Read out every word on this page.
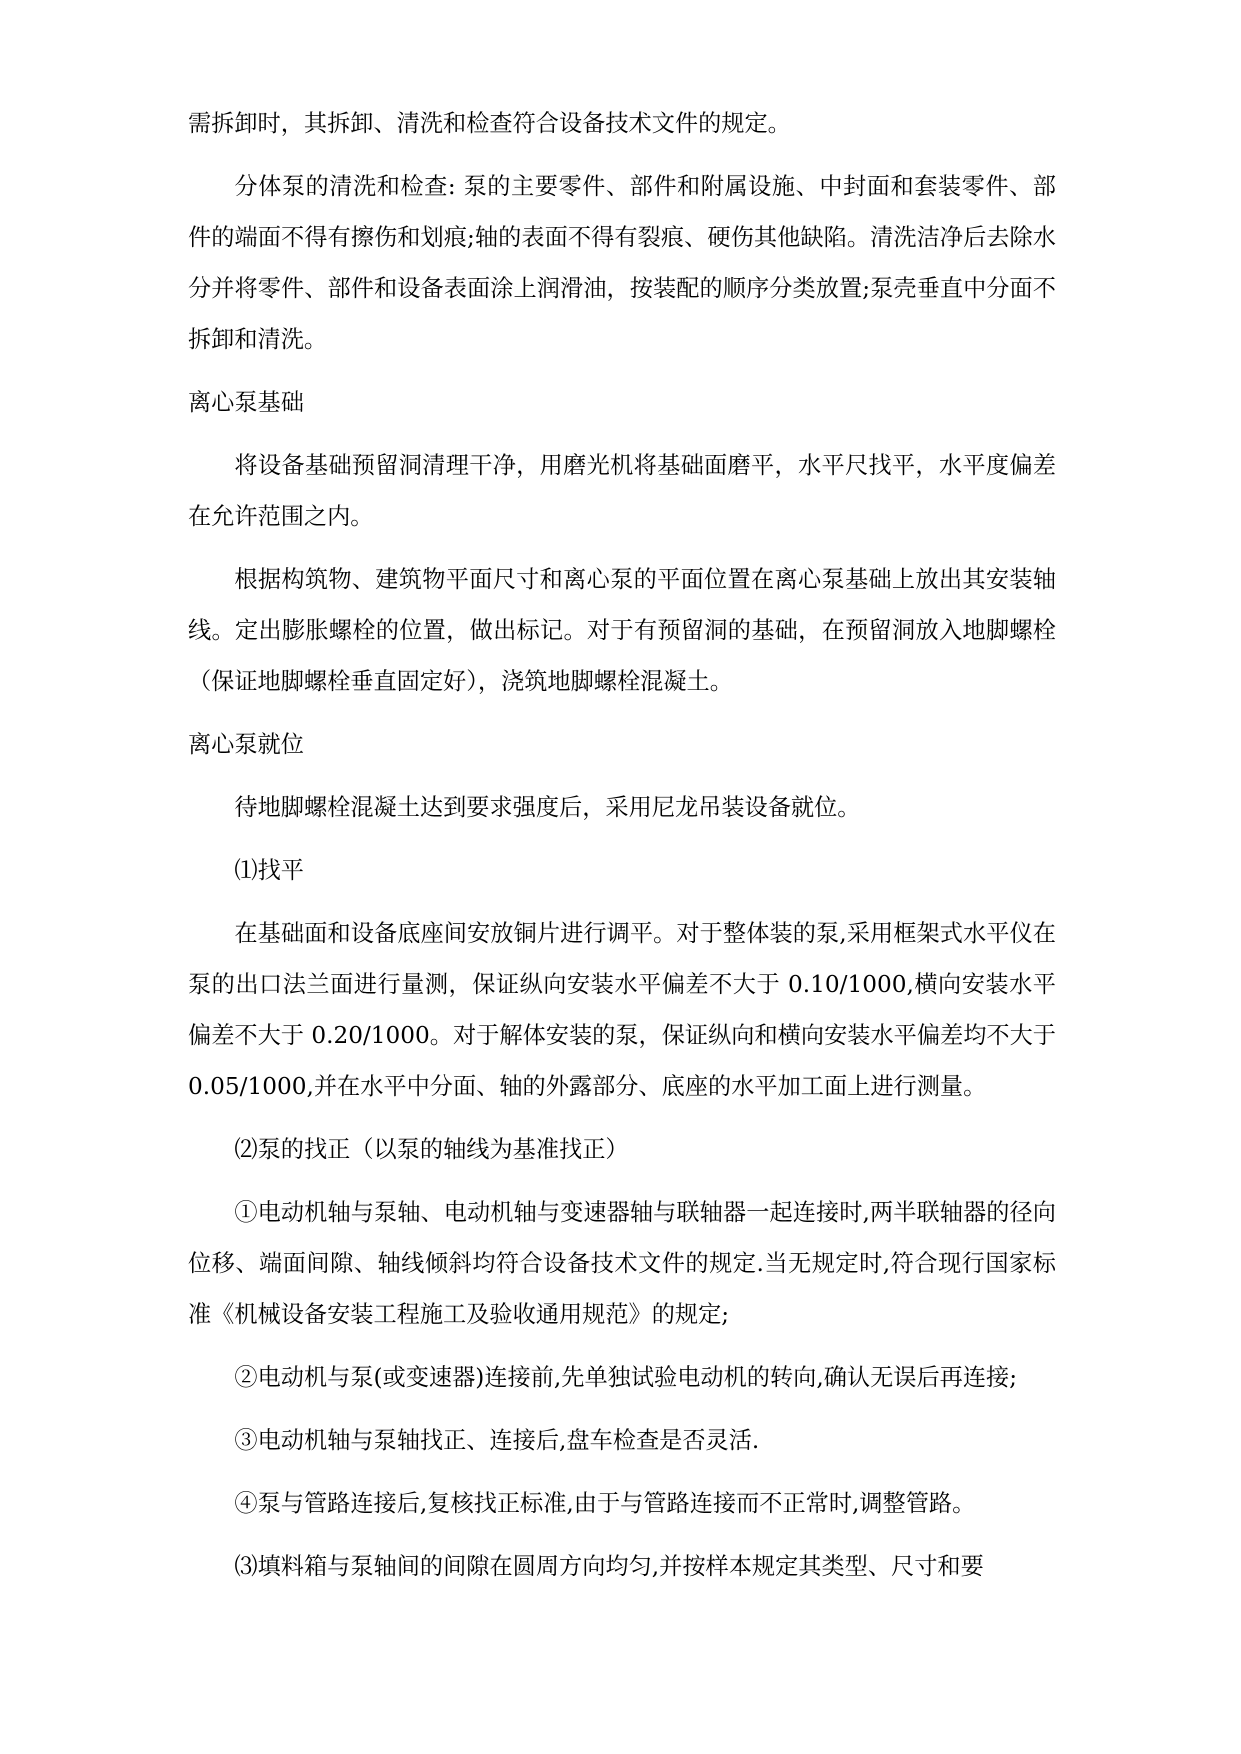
需拆卸时，其拆卸、清洗和检查符合设备技术文件的规定。

分体泵的清洗和检查: 泵的主要零件、部件和附属设施、中封面和套装零件、部件的端面不得有擦伤和划痕;轴的表面不得有裂痕、硬伤其他缺陷。清洗洁净后去除水分并将零件、部件和设备表面涂上润滑油，按装配的顺序分类放置;泵壳垂直中分面不拆卸和清洗。

离心泵基础

将设备基础预留洞清理干净，用磨光机将基础面磨平，水平尺找平，水平度偏差在允许范围之内。

根据构筑物、建筑物平面尺寸和离心泵的平面位置在离心泵基础上放出其安装轴线。定出膨胀螺栓的位置，做出标记。对于有预留洞的基础，在预留洞放入地脚螺栓（保证地脚螺栓垂直固定好），浇筑地脚螺栓混凝土。

离心泵就位

待地脚螺栓混凝土达到要求强度后，采用尼龙吊装设备就位。

⑴找平

在基础面和设备底座间安放铜片进行调平。对于整体装的泵,采用框架式水平仪在泵的出口法兰面进行量测，保证纵向安装水平偏差不大于 0.10/1000,横向安装水平偏差不大于 0.20/1000。对于解体安装的泵，保证纵向和横向安装水平偏差均不大于 0.05/1000,并在水平中分面、轴的外露部分、底座的水平加工面上进行测量。

⑵泵的找正（以泵的轴线为基准找正）

①电动机轴与泵轴、电动机轴与变速器轴与联轴器一起连接时,两半联轴器的径向位移、端面间隙、轴线倾斜均符合设备技术文件的规定.当无规定时,符合现行国家标准《机械设备安装工程施工及验收通用规范》的规定;

②电动机与泵(或变速器)连接前,先单独试验电动机的转向,确认无误后再连接;

③电动机轴与泵轴找正、连接后,盘车检查是否灵活.

④泵与管路连接后,复核找正标准,由于与管路连接而不正常时,调整管路。

⑶填料箱与泵轴间的间隙在圆周方向均匀,并按样本规定其类型、尺寸和要
